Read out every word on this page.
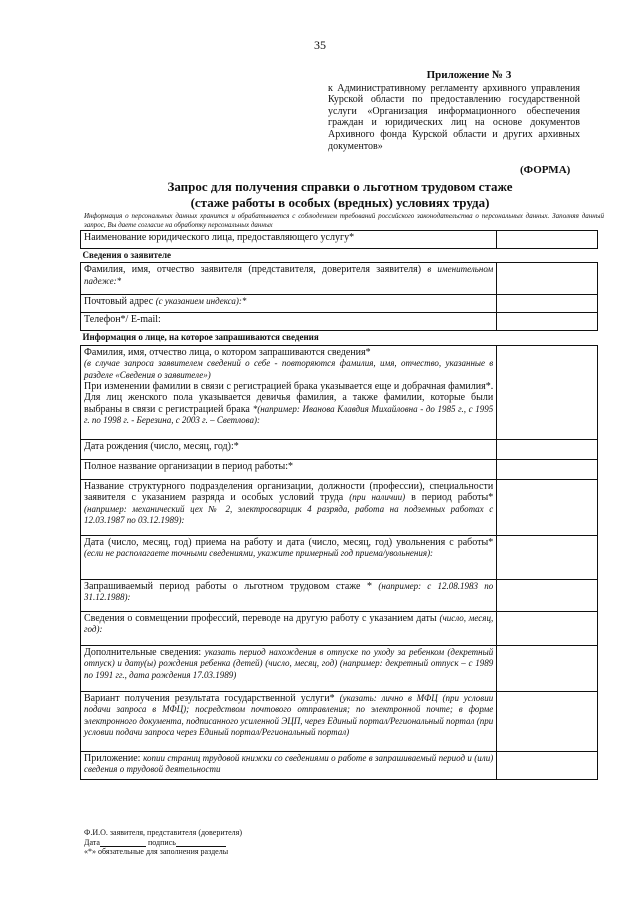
35
Приложение № 3
к Административному регламенту архивного управления Курской области по предоставлению государственной услуги «Организация информационного обеспечения граждан и юридических лиц на основе документов Архивного фонда Курской области и других архивных документов»
(ФОРМА)
Запрос для получения справки о льготном трудовом стаже
(стаже работы в особых (вредных) условиях труда)
Информация о персональных данных хранится и обрабатывается с соблюдением требований российского законодательства о персональных данных. Заполняя данный запрос, Вы даете согласие на обработку персональных данных
Наименование юридического лица, предоставляющего услугу*	
Сведения о заявителе	
Фамилия, имя, отчество заявителя (представителя, доверителя заявителя) в именительном падеже:*	
Почтовый адрес (с указанием индекса):*	
Телефон*/ E-mail:	
Информация о лице, на которое запрашиваются сведения	
Фамилия, имя, отчество лица, о котором запрашиваются сведения*
(в случае запроса заявителем сведений о себе - повторяются фамилия, имя, отчество, указанные в разделе «Сведения о заявителе»)
При изменении фамилии в связи с регистрацией брака указывается еще и добрачная фамилия*. Для лиц женского пола указывается девичья фамилия, а также фамилии, которые были выбраны в связи с регистрацией брака *(например: Иванова Клавдия Михайловна - до 1985 г., с 1995 г. по 1998 г. - Березина, с 2003 г. – Светлова):	
Дата рождения (число, месяц, год):*	
Полное название организации в период работы:*	
Название структурного подразделения организации, должности (профессии), специальности заявителя с указанием разряда и особых условий труда (при наличии) в период работы* (например: механический цех № 2, электросварщик 4 разряда, работа на подземных работах с 12.03.1987 по 03.12.1989):	
Дата (число, месяц, год) приема на работу и дата (число, месяц, год) увольнения с работы* (если не располагаете точными сведениями, укажите примерный год приема/увольнения):	
Запрашиваемый период работы о льготном трудовом стаже * (например: с 12.08.1983 по 31.12.1988):	
Сведения о совмещении профессий, переводе на другую работу с указанием даты (число, месяц, год):	
Дополнительные сведения: указать период нахождения в отпуске по уходу за ребенком (декретный отпуск) и дату(ы) рождения ребенка (детей) (число, месяц, год) (например: декретный отпуск – с 1989 по 1991 гг., дата рождения 17.03.1989)	
Вариант получения результата государственной услуги* (указать: лично в МФЦ (при условии подачи запроса в МФЦ); посредством почтового отправления; по электронной почте; в форме электронного документа, подписанного усиленной ЭЦП, через Единый портал/Региональный портал (при условии подачи запроса через Единый портал/Региональный портал)	
Приложение: копии страниц трудовой книжки со сведениями о работе в запрашиваемый период и (или) сведения о трудовой деятельности	
Ф.И.О. заявителя, представителя (доверителя)
Дата	подпись
«*» обязательные для заполнения разделы
